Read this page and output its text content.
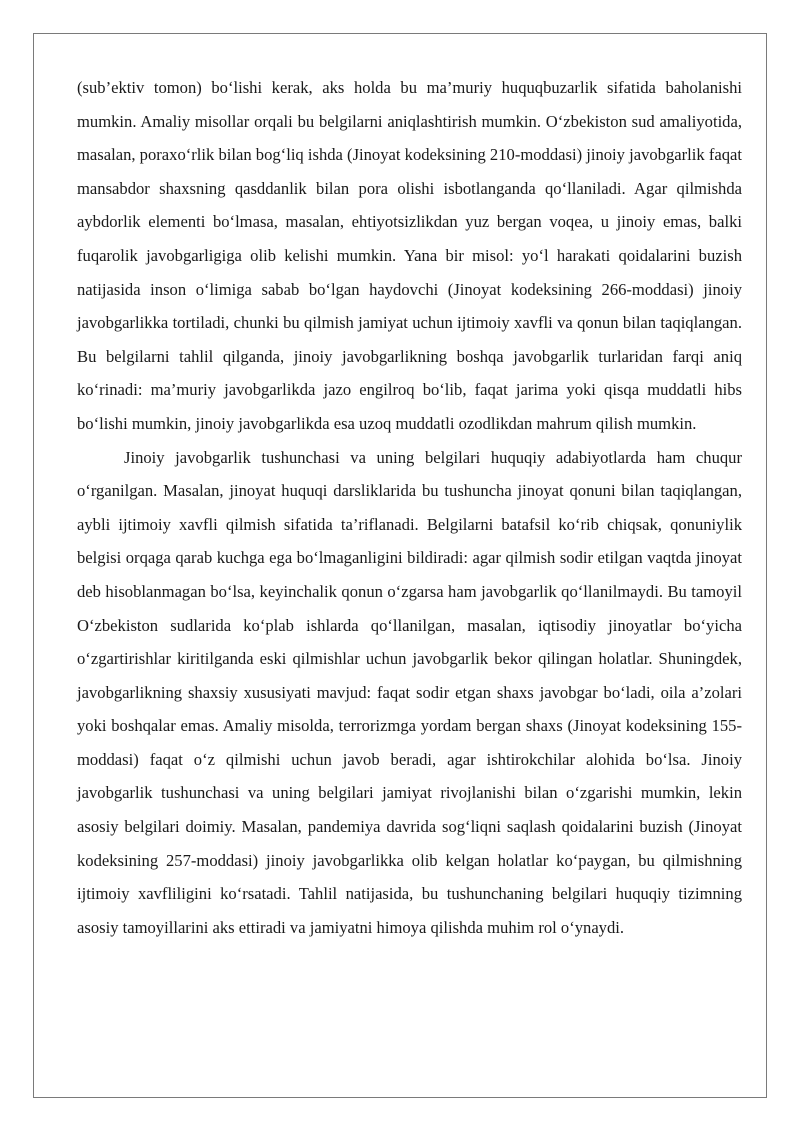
(sub’ektiv tomon) bo‘lishi kerak, aks holda bu ma’muriy huquqbuzarlik sifatida baholanishi mumkin. Amaliy misollar orqali bu belgilarni aniqlashtirish mumkin. O‘zbekiston sud amaliyotida, masalan, poraxo‘rlik bilan bog‘liq ishda (Jinoyat kodeksining 210-moddasi) jinoiy javobgarlik faqat mansabdor shaxsning qasddanlik bilan pora olishi isbotlanganda qo‘llaniladi. Agar qilmishda aybdorlik elementi bo‘lmasa, masalan, ehtiyotsizlikdan yuz bergan voqea, u jinoiy emas, balki fuqarolik javobgarligiga olib kelishi mumkin. Yana bir misol: yo‘l harakati qoidalarini buzish natijasida inson o‘limiga sabab bo‘lgan haydovchi (Jinoyat kodeksining 266-moddasi) jinoiy javobgarlikka tortiladi, chunki bu qilmish jamiyat uchun ijtimoiy xavfli va qonun bilan taqiqlangan. Bu belgilarni tahlil qilganda, jinoiy javobgarlikning boshqa javobgarlik turlaridan farqi aniq ko‘rinadi: ma’muriy javobgarlikda jazo engilroq bo‘lib, faqat jarima yoki qisqa muddatli hibs bo‘lishi mumkin, jinoiy javobgarlikda esa uzoq muddatli ozodlikdan mahrum qilish mumkin.

Jinoiy javobgarlik tushunchasi va uning belgilari huquqiy adabiyotlarda ham chuqur o‘rganilgan. Masalan, jinoyat huquqi darsliklarida bu tushuncha jinoyat qonuni bilan taqiqlangan, aybli ijtimoiy xavfli qilmish sifatida ta’riflanadi. Belgilarni batafsil ko‘rib chiqsak, qonuniylik belgisi orqaga qarab kuchga ega bo‘lmaganligini bildiradi: agar qilmish sodir etilgan vaqtda jinoyat deb hisoblanmagan bo‘lsa, keyinchalik qonun o‘zgarsa ham javobgarlik qo‘llanilmaydi. Bu tamoyil O‘zbekiston sudlarida ko‘plab ishlarda qo‘llanilgan, masalan, iqtisodiy jinoyatlar bo‘yicha o‘zgartirishlar kiritilganda eski qilmishlar uchun javobgarlik bekor qilingan holatlar. Shuningdek, javobgarlikning shaxsiy xususiyati mavjud: faqat sodir etgan shaxs javobgar bo‘ladi, oila a’zolari yoki boshqalar emas. Amaliy misolda, terrorizmga yordam bergan shaxs (Jinoyat kodeksining 155-moddasi) faqat o‘z qilmishi uchun javob beradi, agar ishtirokchilar alohida bo‘lsa. Jinoiy javobgarlik tushunchasi va uning belgilari jamiyat rivojlanishi bilan o‘zgarishi mumkin, lekin asosiy belgilari doimiy. Masalan, pandemiya davrida sog‘liqni saqlash qoidalarini buzish (Jinoyat kodeksining 257-moddasi) jinoiy javobgarlikka olib kelgan holatlar ko‘paygan, bu qilmishning ijtimoiy xavfliligini ko‘rsatadi. Tahlil natijasida, bu tushunchaning belgilari huquqiy tizimning asosiy tamoyillarini aks ettiradi va jamiyatni himoya qilishda muhim rol o‘ynaydi.
